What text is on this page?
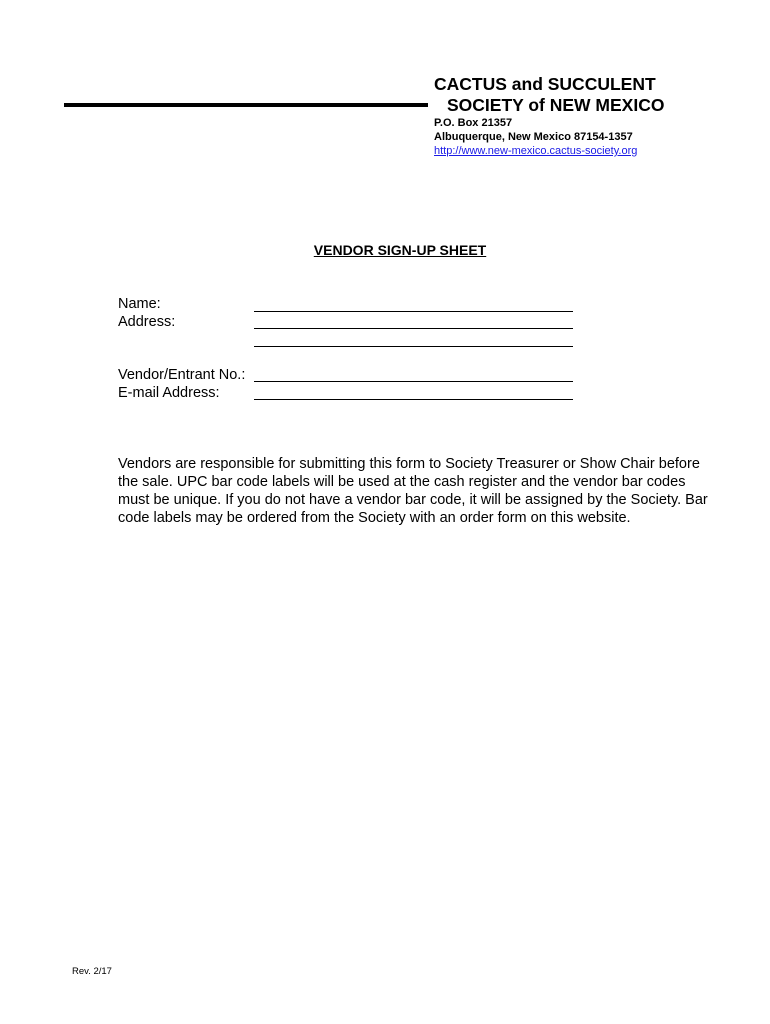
CACTUS and SUCCULENT
SOCIETY of NEW MEXICO
P.O. Box 21357
Albuquerque, New Mexico 87154-1357
http://www.new-mexico.cactus-society.org
VENDOR SIGN-UP SHEET
Name:
Address:
Vendor/Entrant No.:
E-mail Address:
Vendors are responsible for submitting this form to Society Treasurer or Show Chair before the sale. UPC bar code labels will be used at the cash register and the vendor bar codes must be unique. If you do not have a vendor bar code, it will be assigned by the Society. Bar code labels may be ordered from the Society with an order form on this website.
Rev. 2/17
